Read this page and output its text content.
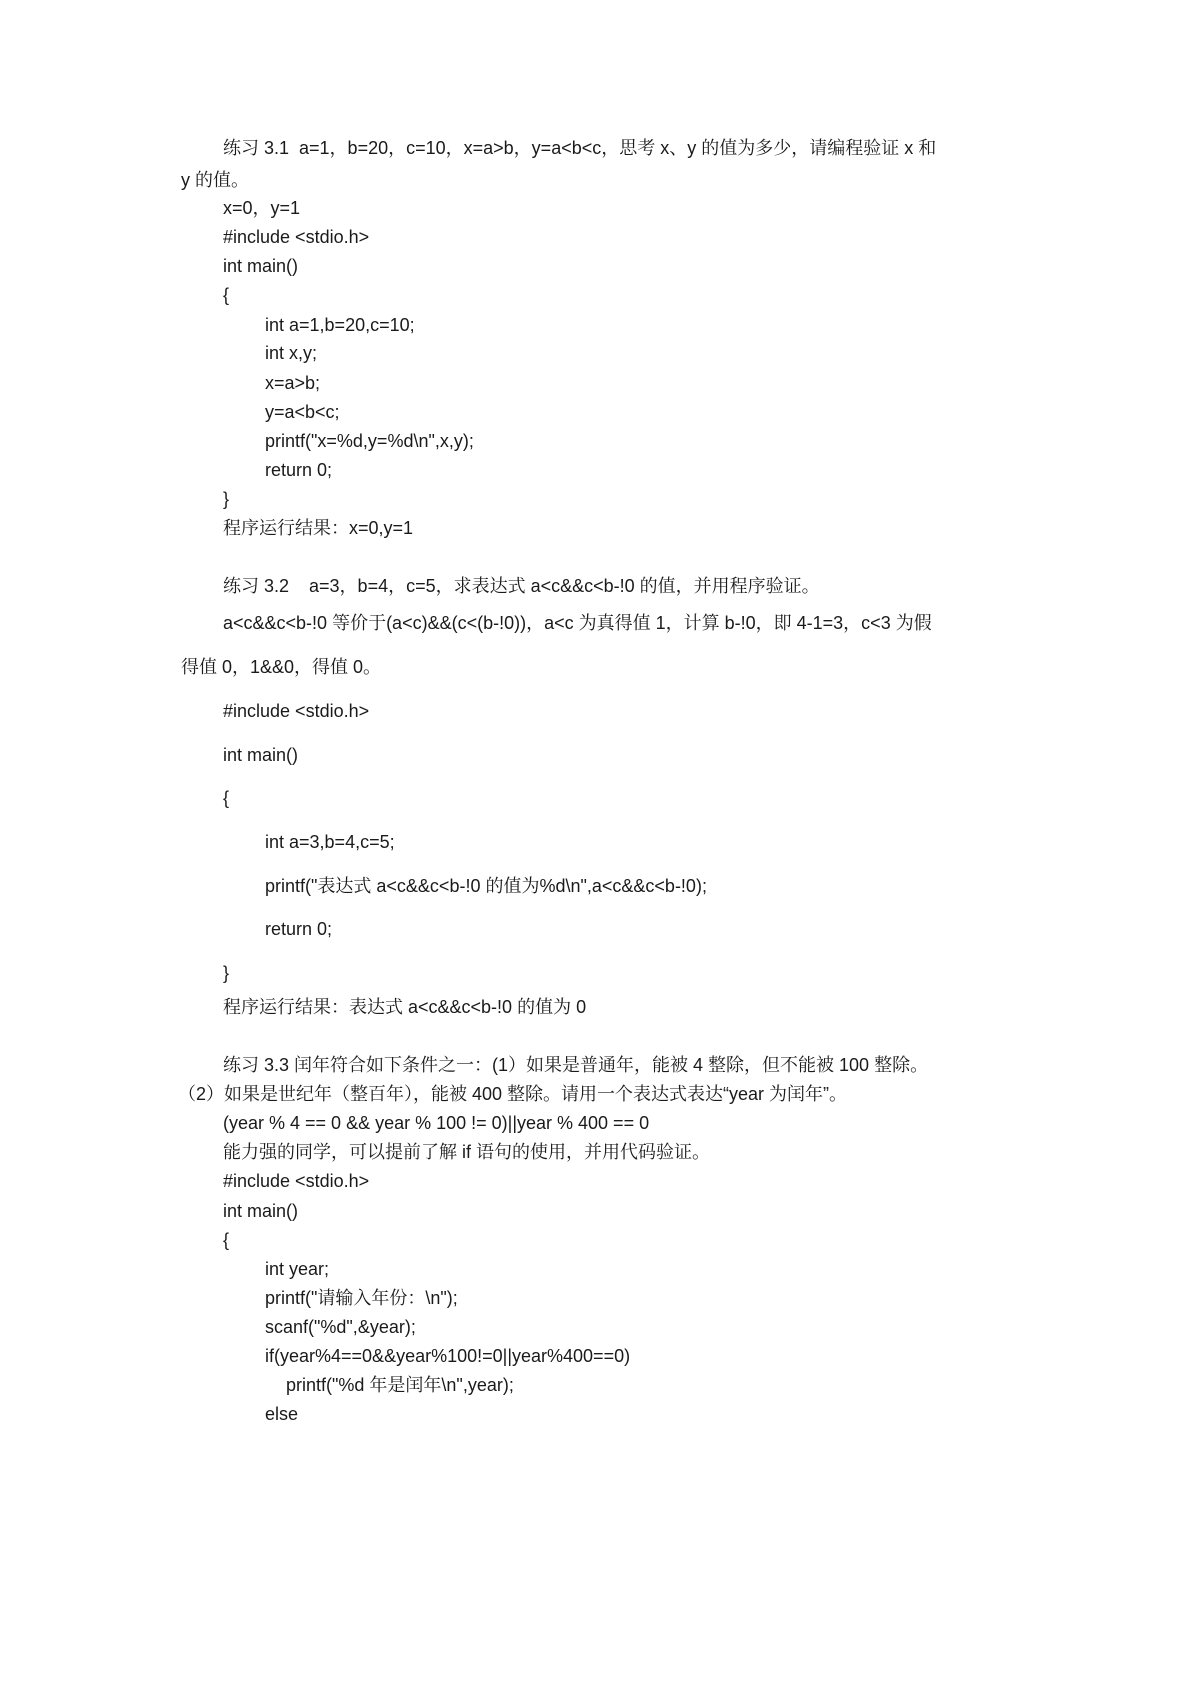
练习 3.1  a=1，b=20，c=10，x=a>b，y=a<b<c，思考 x、y 的值为多少，请编程验证 x 和
y 的值。
x=0，y=1
#include <stdio.h>
int main()
{
int a=1,b=20,c=10;
int x,y;
x=a>b;
y=a<b<c;
printf("x=%d,y=%d\n",x,y);
return 0;
}
程序运行结果：x=0,y=1
练习 3.2    a=3，b=4，c=5，求表达式 a<c&&c<b-!0 的值，并用程序验证。
a<c&&c<b-!0 等价于(a<c)&&(c<(b-!0))，a<c 为真得值 1，计算 b-!0，即 4-1=3，c<3 为假
得值 0，1&&0，得值 0。
#include <stdio.h>
int main()
{
int a=3,b=4,c=5;
printf("表达式 a<c&&c<b-!0 的值为%d\n",a<c&&c<b-!0);
return 0;
}
程序运行结果：表达式 a<c&&c<b-!0 的值为 0
练习 3.3 闰年符合如下条件之一：(1）如果是普通年，能被 4 整除，但不能被 100 整除。
（2）如果是世纪年（整百年），能被 400 整除。请用一个表达式表达“year 为闰年”。
(year % 4 == 0 && year % 100 != 0)||year % 400 == 0
能力强的同学，可以提前了解 if 语句的使用，并用代码验证。
#include <stdio.h>
int main()
{
int year;
printf("请输入年份：\n");
scanf("%d",&year);
if(year%4==0&&year%100!=0||year%400==0)
printf("%d 年是闰年\n",year);
else
